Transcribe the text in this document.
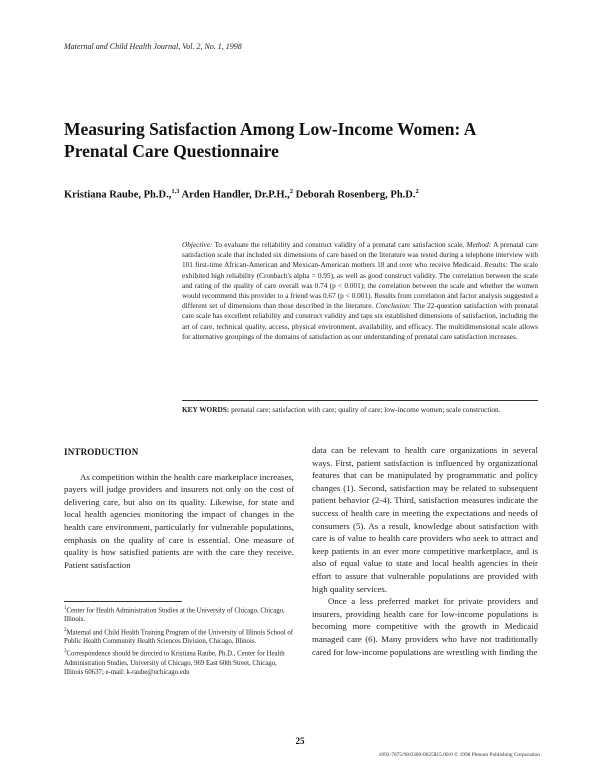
Maternal and Child Health Journal, Vol. 2, No. 1, 1998
Measuring Satisfaction Among Low-Income Women: A Prenatal Care Questionnaire
Kristiana Raube, Ph.D.,$^{1,3}$ Arden Handler, Dr.P.H.,$^2$ Deborah Rosenberg, Ph.D.$^2$
Objective: To evaluate the reliability and construct validity of a prenatal care satisfaction scale. Method: A prenatal care satisfaction scale that included six dimensions of care based on the literature was tested during a telephone interview with 101 first-time African-American and Mexican-American mothers 18 and over who receive Medicaid. Results: The scale exhibited high reliability (Cronbach's alpha = 0.95), as well as good construct validity. The correlation between the scale and rating of the quality of care overall was 0.74 (p < 0.001); the correlation between the scale and whether the women would recommend this provider to a friend was 0.67 (p < 0.001). Results from correlation and factor analysis suggested a different set of dimensions than those described in the literature. Conclusion: The 22-question satisfaction with prenatal care scale has excellent reliability and construct validity and taps six established dimensions of satisfaction, including the art of care, technical quality, access, physical environment, availability, and efficacy. The multidimensional scale allows for alternative groupings of the domains of satisfaction as our understanding of prenatal care satisfaction increases.
KEY WORDS: prenatal care; satisfaction with care; quality of care; low-income women; scale construction.
INTRODUCTION

As competition within the health care marketplace increases, payers will judge providers and insurers not only on the cost of delivering care, but also on its quality. Likewise, for state and local health agencies monitoring the impact of changes in the health care environment, particularly for vulnerable populations, emphasis on the quality of care is essential. One measure of quality is how satisfied patients are with the care they receive. Patient satisfaction

data can be relevant to health care organizations in several ways. First, patient satisfaction is influenced by organizational features that can be manipulated by programmatic and policy changes (1). Second, satisfaction may be related to subsequent patient behavior (2-4). Third, satisfaction measures indicate the success of health care in meeting the expectations and needs of consumers (5). As a result, knowledge about satisfaction with care is of value to health care providers who seek to attract and keep patients in an ever more competitive marketplace, and is also of equal value to state and local health agencies in their effort to assure that vulnerable populations are provided with high quality services.

Once a less preferred market for private providers and insurers, providing health care for low-income populations is becoming more competitive with the growth in Medicaid managed care (6). Many providers who have not traditionally cared for low-income populations are wrestling with finding the

$^1$Center for Health Administration Studies at the University of Chicago, Chicago, Illinois.

$^2$Maternal and Child Health Training Program of the University of Illinois School of Public Health Community Health Sciences Division, Chicago, Illinois.

$^3$Correspondence should be directed to Kristiana Raube, Ph.D., Center for Health Administration Studies, University of Chicago, 969 East 60th Street, Chicago, Illinois 60637; e-mail: k-raube@uchicago.edu

25
1092-7875/98/0300-0025$15.00/0 © 1998 Plenum Publishing Corporation
